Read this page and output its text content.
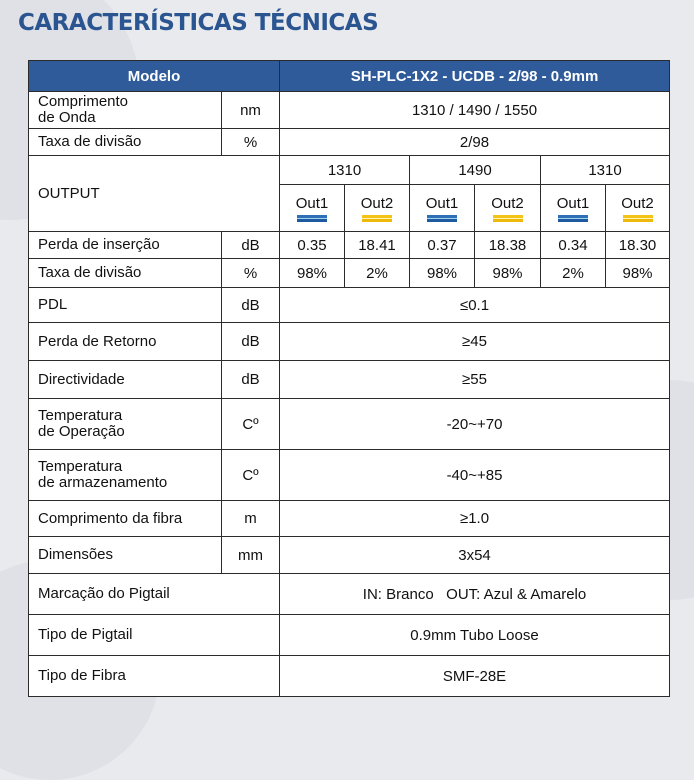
CARACTERÍSTICAS TÉCNICAS
Modelo		SH-PLC-1X2 - UCDB - 2/98 - 0.9mm					
Comprimento
de Onda	nm	1310 / 1490 / 1550					
Taxa de divisão	%	2/98					
OUTPUT		1310		1490		1310	
		Out1	Out2	Out1	Out2	Out1	Out2

Perda de inserção	dB	0.35	18.41	0.37	18.38	0.34	18.30
Taxa de divisão	%	98%	2%	98%	98%	2%	98%
PDL	dB	≤0.1					
Perda de Retorno	dB	≥45					
Directividade	dB	≥55					
Temperatura
de Operação	Cº	-20~+70					
Temperatura
de armazenamento	Cº	-40~+85					
Comprimento da fibra	m	≥1.0					
Dimensões	mm	3x54					
Marcação do Pigtail		IN: Branco   OUT: Azul & Amarelo					
Tipo de Pigtail		0.9mm Tubo Loose					
Tipo de Fibra		SMF-28E					
